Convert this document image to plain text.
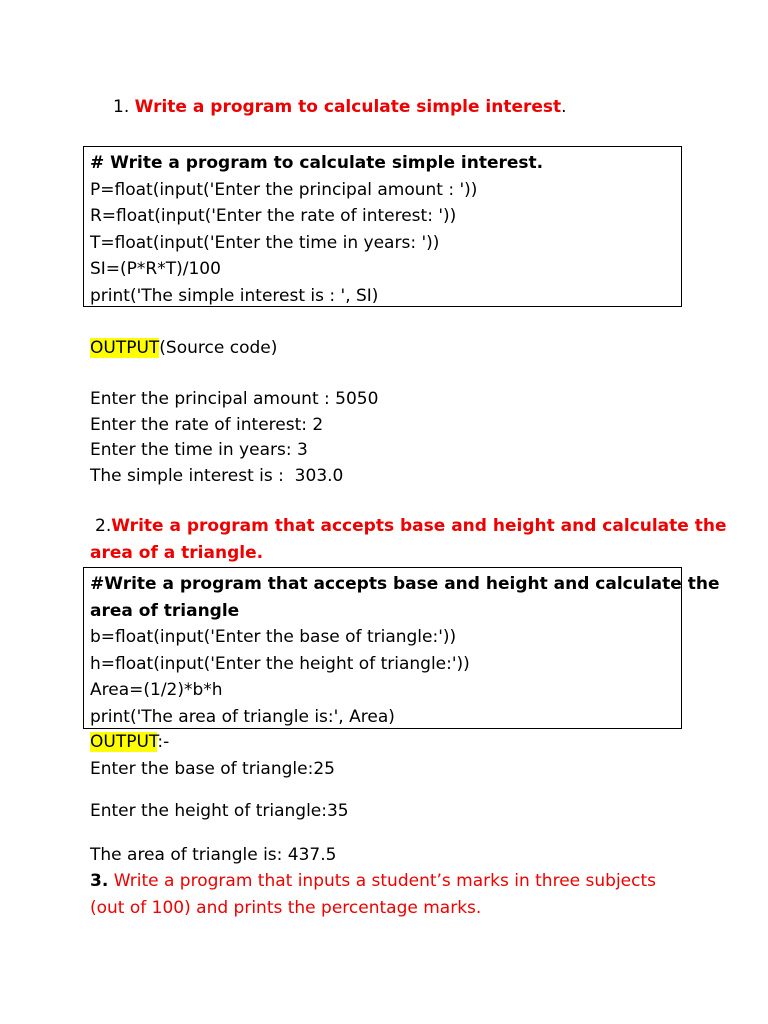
1. Write a program to calculate simple interest.
# Write a program to calculate simple interest.
P=float(input('Enter the principal amount : '))
R=float(input('Enter the rate of interest: '))
T=float(input('Enter the time in years: '))
SI=(P*R*T)/100
print('The simple interest is : ', SI)
OUTPUT(Source code)
Enter the principal amount : 5050
Enter the rate of interest: 2
Enter the time in years: 3
The simple interest is :  303.0
2.Write a program that accepts base and height and calculate the
area of a triangle.
#Write a program that accepts base and height and calculate the
area of triangle
b=float(input('Enter the base of triangle:'))
h=float(input('Enter the height of triangle:'))
Area=(1/2)*b*h
print('The area of triangle is:', Area)
OUTPUT:-
Enter the base of triangle:25
Enter the height of triangle:35
The area of triangle is: 437.5
3. Write a program that inputs a student’s marks in three subjects
(out of 100) and prints the percentage marks.
